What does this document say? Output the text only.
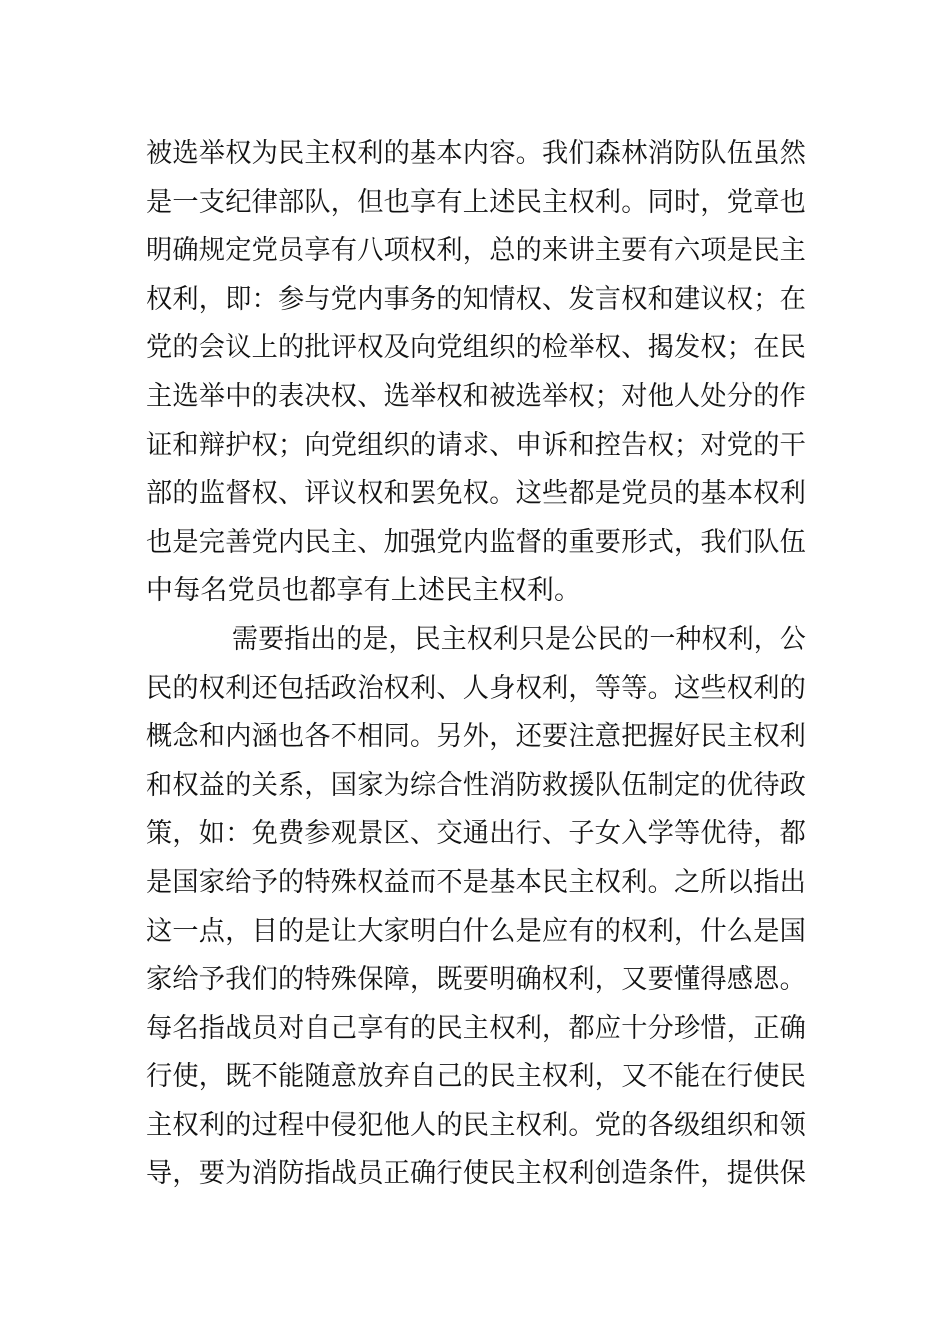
被选举权为民主权利的基本内容。我们森林消防队伍虽然
是一支纪律部队，但也享有上述民主权利。同时，党章也
明确规定党员享有八项权利，总的来讲主要有六项是民主
权利，即：参与党内事务的知情权、发言权和建议权；在
党的会议上的批评权及向党组织的检举权、揭发权；在民
主选举中的表决权、选举权和被选举权；对他人处分的作
证和辩护权；向党组织的请求、申诉和控告权；对党的干
部的监督权、评议权和罢免权。这些都是党员的基本权利
也是完善党内民主、加强党内监督的重要形式，我们队伍
中每名党员也都享有上述民主权利。
需要指出的是，民主权利只是公民的一种权利，公
民的权利还包括政治权利、人身权利，等等。这些权利的
概念和内涵也各不相同。另外，还要注意把握好民主权利
和权益的关系，国家为综合性消防救援队伍制定的优待政
策，如：免费参观景区、交通出行、子女入学等优待，都
是国家给予的特殊权益而不是基本民主权利。之所以指出
这一点，目的是让大家明白什么是应有的权利，什么是国
家给予我们的特殊保障，既要明确权利，又要懂得感恩。
每名指战员对自己享有的民主权利，都应十分珍惜，正确
行使，既不能随意放弃自己的民主权利，又不能在行使民
主权利的过程中侵犯他人的民主权利。党的各级组织和领
导，要为消防指战员正确行使民主权利创造条件，提供保
